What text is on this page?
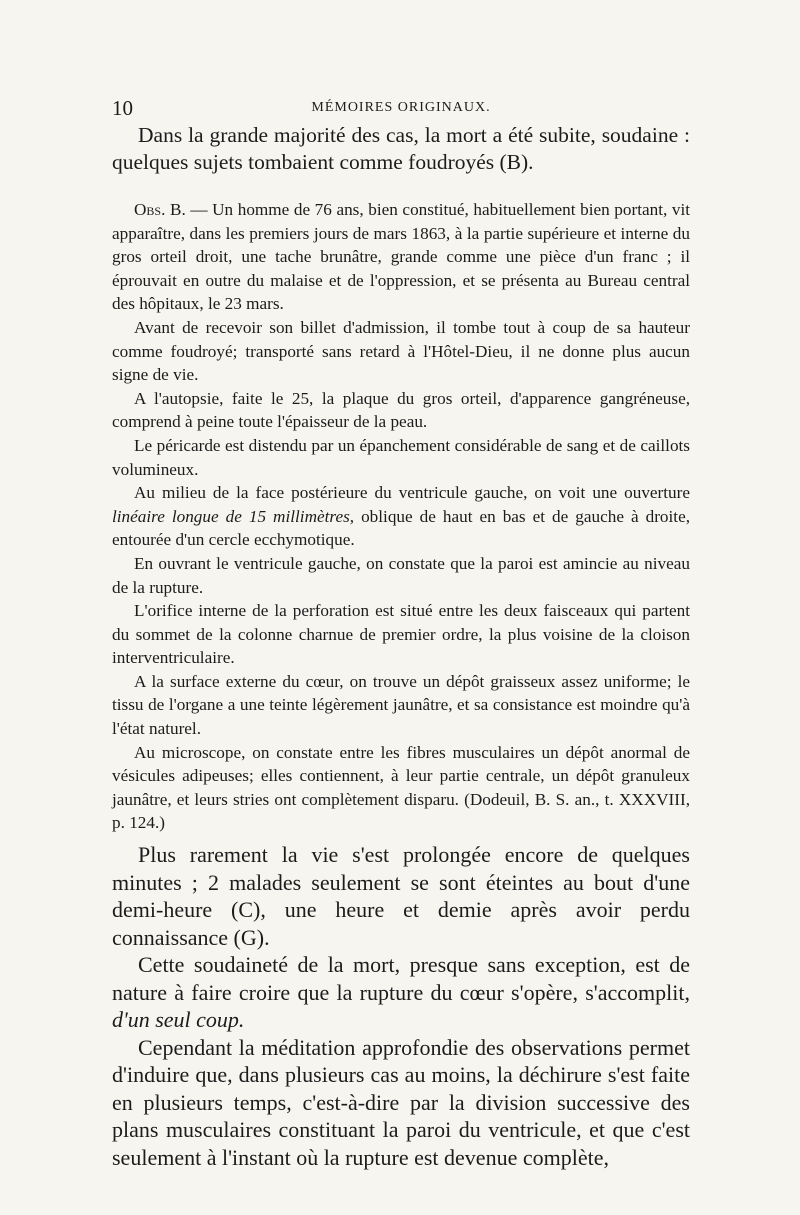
10	MÉMOIRES ORIGINAUX.

Dans la grande majorité des cas, la mort a été subite, soudaine : quelques sujets tombaient comme foudroyés (B).

Obs. B. — Un homme de 76 ans, bien constitué, habituellement bien portant, vit apparaître, dans les premiers jours de mars 1863, à la partie supérieure et interne du gros orteil droit, une tache brunâtre, grande comme une pièce d'un franc ; il éprouvait en outre du malaise et de l'oppression, et se présenta au Bureau central des hôpitaux, le 23 mars.

Avant de recevoir son billet d'admission, il tombe tout à coup de sa hauteur comme foudroyé; transporté sans retard à l'Hôtel-Dieu, il ne donne plus aucun signe de vie.

A l'autopsie, faite le 25, la plaque du gros orteil, d'apparence gangréneuse, comprend à peine toute l'épaisseur de la peau.

Le péricarde est distendu par un épanchement considérable de sang et de caillots volumineux.

Au milieu de la face postérieure du ventricule gauche, on voit une ouverture linéaire longue de 15 millimètres, oblique de haut en bas et de gauche à droite, entourée d'un cercle ecchymotique.

En ouvrant le ventricule gauche, on constate que la paroi est amincie au niveau de la rupture.

L'orifice interne de la perforation est situé entre les deux faisceaux qui partent du sommet de la colonne charnue de premier ordre, la plus voisine de la cloison interventriculaire.

A la surface externe du cœur, on trouve un dépôt graisseux assez uniforme; le tissu de l'organe a une teinte légèrement jaunâtre, et sa consistance est moindre qu'à l'état naturel.

Au microscope, on constate entre les fibres musculaires un dépôt anormal de vésicules adipeuses; elles contiennent, à leur partie centrale, un dépôt granuleux jaunâtre, et leurs stries ont complètement disparu. (Dodeuil, B. S. an., t. XXXVIII, p. 124.)

Plus rarement la vie s'est prolongée encore de quelques minutes ; 2 malades seulement se sont éteintes au bout d'une demi-heure (C), une heure et demie après avoir perdu connaissance (G).

Cette soudaineté de la mort, presque sans exception, est de nature à faire croire que la rupture du cœur s'opère, s'accomplit, d'un seul coup.

Cependant la méditation approfondie des observations permet d'induire que, dans plusieurs cas au moins, la déchirure s'est faite en plusieurs temps, c'est-à-dire par la division successive des plans musculaires constituant la paroi du ventricule, et que c'est seulement à l'instant où la rupture est devenue complète,
